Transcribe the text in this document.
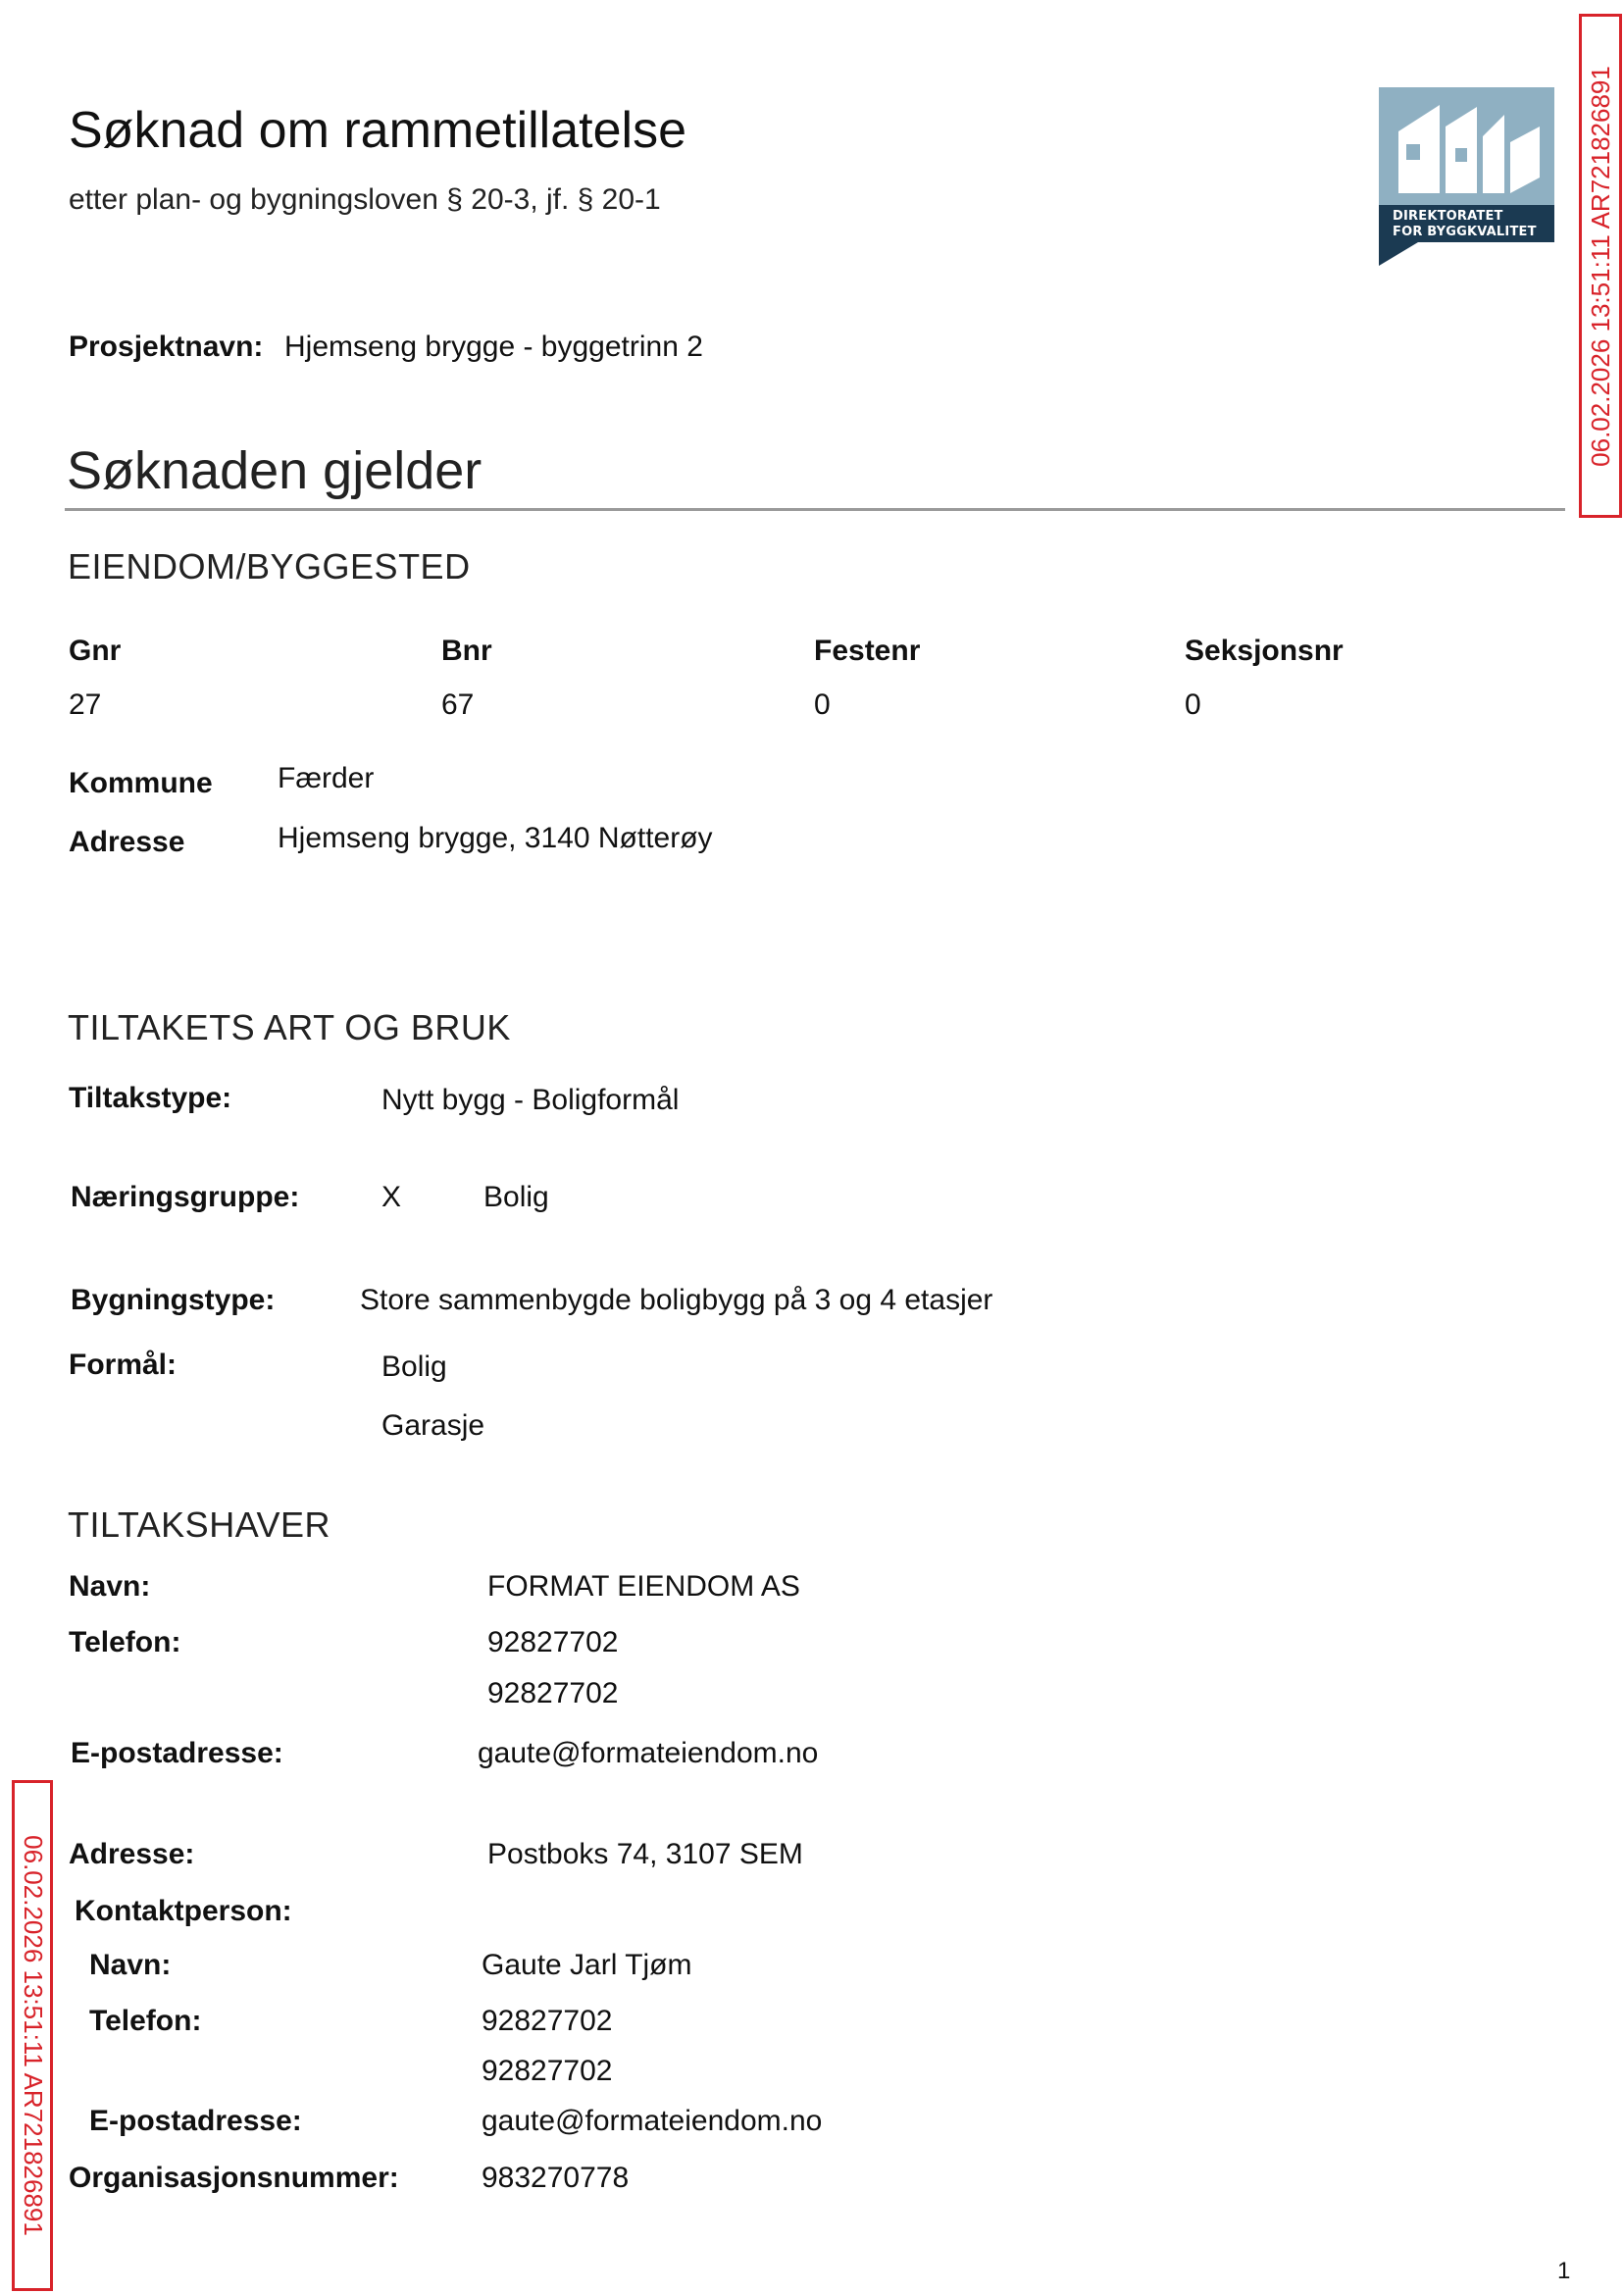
Søknad om rammetillatelse
etter plan- og bygningsloven § 20-3, jf. § 20-1
DIREKTORATET
FOR BYGGKVALITET 06.02.2026 13:51:11 AR721826891
06.02.2026 13:51:11 AR721826891
Prosjektnavn: Hjemseng brygge - byggetrinn 2
Søknaden gjelder
EIENDOM/BYGGESTED
Gnr	Bnr	Festenr	Seksjonsnr
27	67	0	0
Kommune Færder
Adresse	Hjemseng brygge, 3140 Nøtterøy
TILTAKETS ART OG BRUK
Tiltakstype:	Nytt bygg - Boligformål
Næringsgruppe:	X	Bolig
Bygningstype:	Store sammenbygde boligbygg på 3 og 4 etasjer
Formål:	Bolig
Garasje
TILTAKSHAVER
Navn:	FORMAT EIENDOM AS
Telefon:	92827702
92827702
E-postadresse:	gaute@formateiendom.no
Adresse:	Postboks 74, 3107 SEM
Kontaktperson:
Navn:	Gaute Jarl Tjøm
Telefon:	92827702
92827702
E-postadresse:	gaute@formateiendom.no
Organisasjonsnummer:	983270778
1
